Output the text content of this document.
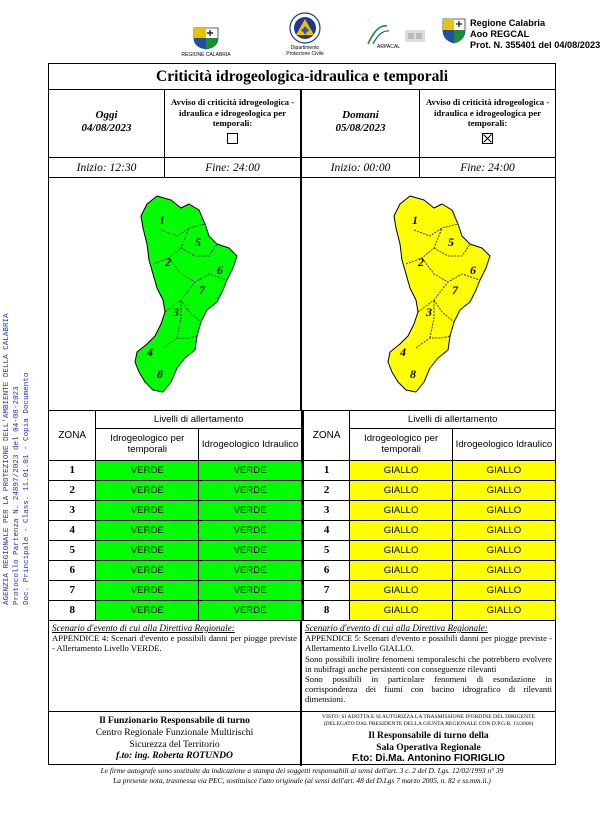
AGENZIA REGIONALE PER LA PROTEZIONE DELL'AMBIENTE DELLA CALABRIA Protocollo Partenza N. 24897/2023 del 04-08-2023 Doc. Principale - Class. 11.01.01 - Copia Documento
REGIONE CALABRIA
Dipartimento Protezione Civile
ARPACAL
Regione Calabria
Aoo REGCAL
Prot. N. 355401 del 04/08/2023
Criticità idrogeologica-idraulica e temporali
Oggi
04/08/2023
Avviso di criticità idrogeologica - idraulica e idrogeologica per temporali:
Domani
05/08/2023
Avviso di criticità idrogeologica - idraulica e idrogeologica per temporali:
Inizio: 12:30	Fine: 24:00	Inizio: 00:00	Fine: 24:00
1
2
3
4
5
6
7
8
1
2
3
4
5
6
7
8
ZONA	Livelli di allertamento	
	Idrogeologico per temporali	Idrogeologico Idraulico
1	VERDE	VERDE
2	VERDE	VERDE
3	VERDE	VERDE
4	VERDE	VERDE
5	VERDE	VERDE
6	VERDE	VERDE
7	VERDE	VERDE
8	VERDE	VERDE
ZONA	Livelli di allertamento	
	Idrogeologico per temporali	Idrogeologico Idraulico
1	GIALLO	GIALLO
2	GIALLO	GIALLO
3	GIALLO	GIALLO
4	GIALLO	GIALLO
5	GIALLO	GIALLO
6	GIALLO	GIALLO
7	GIALLO	GIALLO
8	GIALLO	GIALLO
Scenario d'evento di cui alla Direttiva Regionale:
APPENDICE 4: Scenari d'evento e possibili danni per piogge previste - Allertamento Livello VERDE.
Scenario d'evento di cui alla Direttiva Regionale:
APPENDICE 5: Scenari d'evento e possibili danni per piogge previste - Allertamento Livello GIALLO.
Sono possibili inoltre fenomeni temporaleschi che potrebbero evolvere in nubifragi anche persistenti con conseguenze rilevanti
Sono possibili in particolare fenomeni di esondazione in corrispondenza dei fiumi con bacino idrografico di rilevanti dimensioni.
Il Funzionario Responsabile di turno
Centro Regionale Funzionale Multirischi
Sicurezza del Territorio
f.to: ing. Roberta ROTUNDO
VISTO: SI ADOTTA E SI AUTORIZZA LA TRASMISSIONE D'ORDINE DEL DIRIGENTE (DELEGATO DAL PRESIDENTE DELLA GIUNTA REGIONALE CON D.P.G.R. 13/2006)
Il Responsabile di turno della
Sala Operativa Regionale
F.to: Di.Ma. Antonino FIORIGLIO
Le firme autografe sono sostituite da indicazione a stampa dei soggetti responsabili ai sensi dell'art. 3 c. 2 del D. Lgs. 12/02/1993 n° 39
La presente nota, trasmessa via PEC, sostituisce l'atto originale (ai sensi dell'art. 48 del D.Lgs 7 marzo 2005, n. 82 e ss.mm.ii.)
